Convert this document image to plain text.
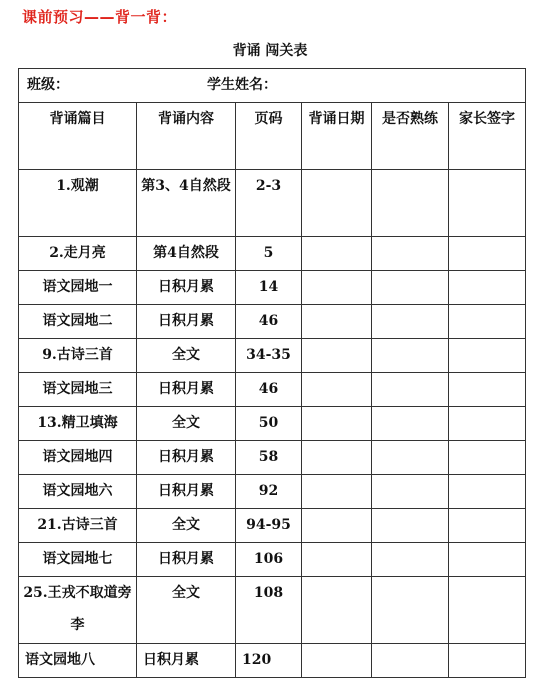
课前预习——背一背：
背诵 闯关表
班级： 学生姓名：					
背诵篇目	背诵内容	页码	背诵日期	是否熟练	家长签字
1.观潮	第3、4自然段	2-3			
2.走月亮	第4自然段	5			
语文园地一	日积月累	14			
语文园地二	日积月累	46			
9.古诗三首	全文	34-35			
语文园地三	日积月累	46			
13.精卫填海	全文	50			
语文园地四	日积月累	58			
语文园地六	日积月累	92			
21.古诗三首	全文	94-95			
语文园地七	日积月累	106			
25.王戎不取道旁李	全文	108			
语文园地八	日积月累	120			
